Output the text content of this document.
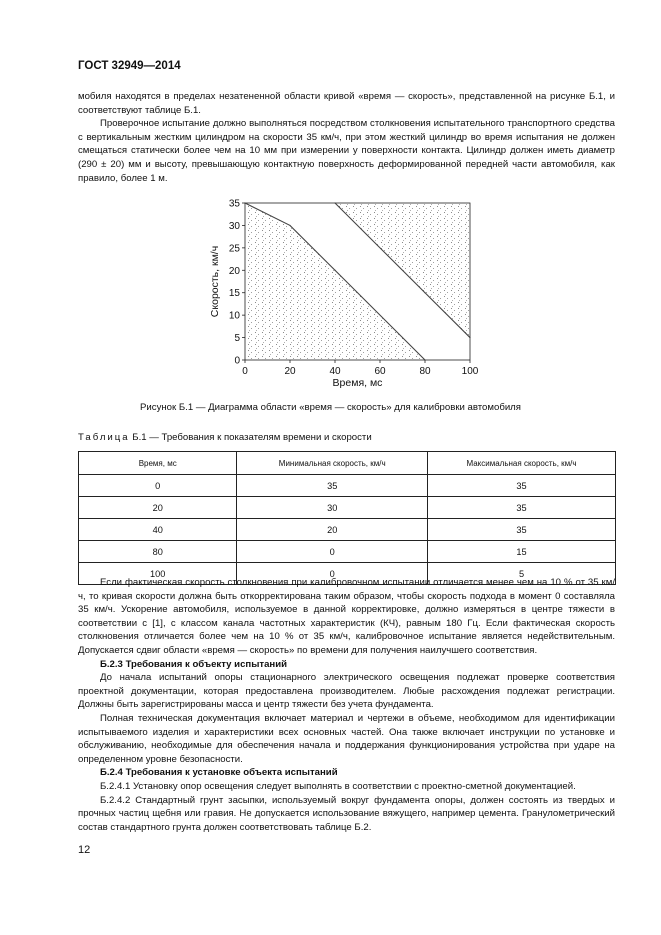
ГОСТ 32949—2014

мобиля находятся в пределах незатененной области кривой «время — скорость», представленной на рисунке Б.1, и соответствуют таблице Б.1.

Проверочное испытание должно выполняться посредством столкновения испытательного транспортного средства с вертикальным жестким цилиндром на скорости 35 км/ч, при этом жесткий цилиндр во время испытания не должен смещаться статически более чем на 10 мм при измерении у поверхности контакта. Цилиндр должен иметь диаметр (290 ± 20) мм и высоту, превышающую контактную поверхность деформированной передней части автомобиля, как правило, более 1 м.

0	20	40	60	80	100
0
5
10
15
20
25
30
35
Время, мс
Скорость, км/ч
Рисунок Б.1 — Диаграмма области «время — скорость» для калибровки автомобиля
Таблица Б.1 — Требования к показателям времени и скорости
Время, мс	Минимальная скорость, км/ч	Максимальная скорость, км/ч
0	35	35
20	30	35
40	20	35
80	0	15
100	0	5

Если фактическая скорость столкновения при калибровочном испытании отличается менее чем на 10 % от 35 км/ч, то кривая скорости должна быть откорректирована таким образом, чтобы скорость подхода в момент 0 составляла 35 км/ч. Ускорение автомобиля, используемое в данной корректировке, должно измеряться в центре тяжести в соответствии с [1], с классом канала частотных характеристик (КЧ), равным 180 Гц. Если фактическая скорость столкновения отличается более чем на 10 % от 35 км/ч, калибровочное испытание является недействительным. Допускается сдвиг области «время — скорость» по времени для получения наилучшего соответствия.

Б.2.3 Требования к объекту испытаний

До начала испытаний опоры стационарного электрического освещения подлежат проверке соответствия проектной документации, которая предоставлена производителем. Любые расхождения подлежат регистрации. Должны быть зарегистрированы масса и центр тяжести без учета фундамента.

Полная техническая документация включает материал и чертежи в объеме, необходимом для идентификации испытываемого изделия и характеристики всех основных частей. Она также включает инструкции по установке и обслуживанию, необходимые для обеспечения начала и поддержания функционирования устройства при ударе на определенном уровне безопасности.

Б.2.4 Требования к установке объекта испытаний

Б.2.4.1 Установку опор освещения следует выполнять в соответствии с проектно-сметной документацией.

Б.2.4.2 Стандартный грунт засыпки, используемый вокруг фундамента опоры, должен состоять из твердых и прочных частиц щебня или гравия. Не допускается использование вяжущего, например цемента. Гранулометрический состав стандартного грунта должен соответствовать таблице Б.2.

12
